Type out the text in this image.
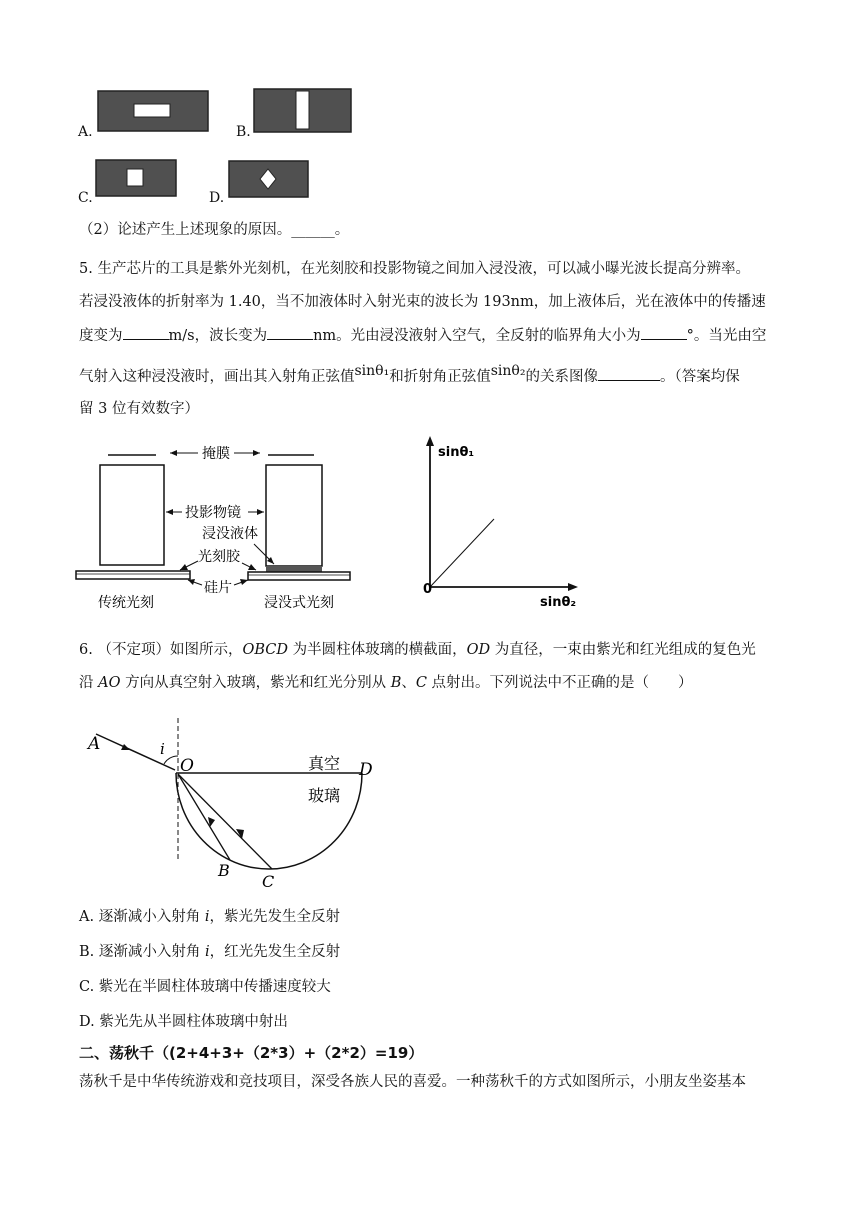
A.	B.
C.	D.
（2）论述产生上述现象的原因。______。
5. 生产芯片的工具是紫外光刻机，在光刻胶和投影物镜之间加入浸没液，可以减小曝光波长提高分辨率。
若浸没液体的折射率为 1.40，当不加液体时入射光束的波长为 193nm，加上液体后，光在液体中的传播速
度变为	m/s，波长变为	nm。光由浸没液射入空气，全反射的临界角大小为	°。当光由空
气射入这种浸没液时，画出其入射角正弦值sinθ₁和折射角正弦值sinθ₂的关系图像	。（答案均保
留 3 位有效数字）
掩膜
投影物镜
浸没液体
光刻胶
硅片
传统光刻	浸没式光刻
sinθ₁
sinθ₂
0
6. （不定项）如图所示，OBCD 为半圆柱体玻璃的横截面，OD 为直径，一束由紫光和红光组成的复色光
沿 AO 方向从真空射入玻璃，紫光和红光分别从 B、C 点射出。下列说法中不正确的是（　　）
A	i
O	D
B
C
真空
玻璃
A. 逐渐减小入射角 i，紫光先发生全反射
B. 逐渐减小入射角 i，红光先发生全反射
C. 紫光在半圆柱体玻璃中传播速度较大
D. 紫光先从半圆柱体玻璃中射出
二、荡秋千（(2+4+3+（2*3）+（2*2）=19）
荡秋千是中华传统游戏和竞技项目，深受各族人民的喜爱。一种荡秋千的方式如图所示，小朋友坐姿基本
